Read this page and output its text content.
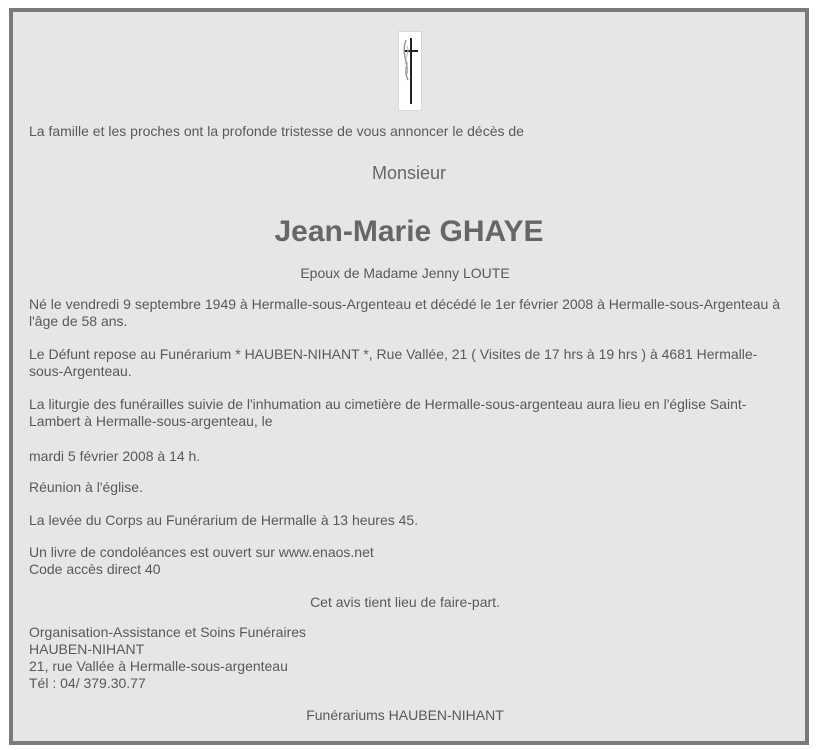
La famille et les proches ont la profonde tristesse de vous annoncer le décès de

Monsieur

Jean-Marie GHAYE

Epoux de Madame Jenny LOUTE

Né le vendredi 9 septembre 1949 à Hermalle-sous-Argenteau et décédé le 1er février 2008 à Hermalle-sous-Argenteau à l'âge de 58 ans.

Le Défunt repose au Funérarium * HAUBEN-NIHANT *, Rue Vallée, 21 ( Visites de 17 hrs à 19 hrs ) à 4681 Hermalle-sous-Argenteau.

La liturgie des funérailles suivie de l'inhumation au cimetière de Hermalle-sous-argenteau aura lieu en l'église Saint-Lambert à Hermalle-sous-argenteau, le

mardi 5 février 2008 à 14 h.

Réunion à l'église.

La levée du Corps au Funérarium de Hermalle à 13 heures 45.

Un livre de condoléances est ouvert sur www.enaos.net

Code accès direct 40

Cet avis tient lieu de faire-part.

Organisation-Assistance et Soins Funéraires

HAUBEN-NIHANT

21, rue Vallée à Hermalle-sous-argenteau

Tél : 04/ 379.30.77

Funérariums HAUBEN-NIHANT
